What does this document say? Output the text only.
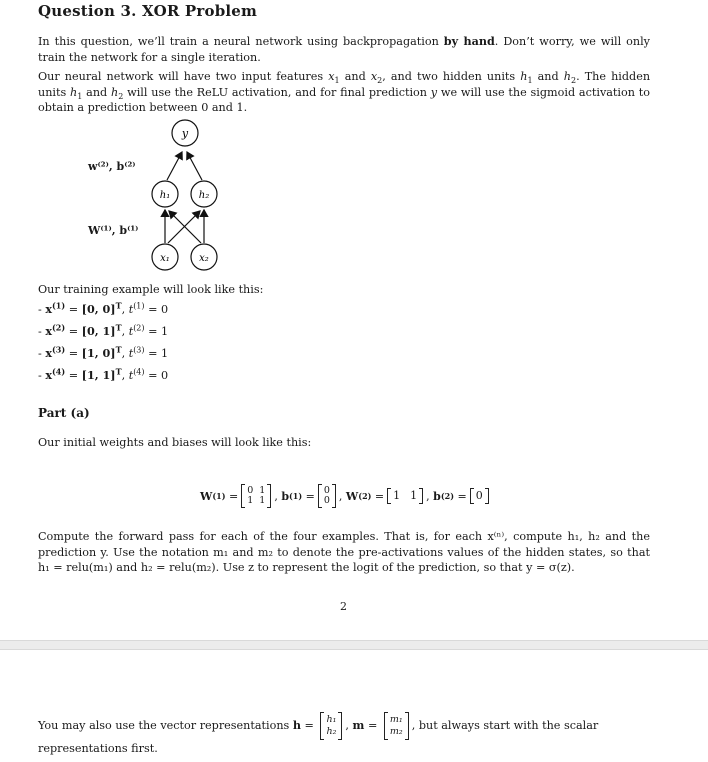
Question 3. XOR Problem

In this question, we’ll train a neural network using backpropagation by hand. Don’t worry, we will only train the network for a single iteration.

Our neural network will have two input features $x_1$ and $x_2$, and two hidden units $h_1$ and $h_2$. The hidden units $h_1$ and $h_2$ will use the ReLU activation, and for final prediction y we will use the sigmoid activation to obtain a prediction between 0 and 1.

y
h₁	h₂
x₁	x₂
w⁽²⁾, b⁽²⁾
W⁽¹⁾, b⁽¹⁾

Our training example will look like this:

- $x^{(1)} = [0$, 0]$^T$, $t^{(1)} = 0$
- $x^{(2)} = [0$, 1]$^T$, $t^{(2)} = 1$
- $x^{(3)} = [1$, 0]$^T$, $t^{(3)} = 1$
- $x^{(4)} = [1$, 1]$^T$, $t^{(4)} = 0$
Part (a)

Our initial weights and biases will look like this:

W (1)
= 0 1
1 1 ,
b (1)
= 0
0 ,
W (2)
= 1 1 ,
b (2)
= 0

Compute the forward pass for each of the four examples. That is, for each x⁽ⁿ⁾, compute h₁, h₂ and the prediction y. Use the notation m₁ and m₂ to denote the pre-activations values of the hidden states, so that h₁ = relu(m₁) and h₂ = relu(m₂). Use z to represent the logit of the prediction, so that y = σ(z).

2
You may also use the vector representations h = h₁
h₂ , m = m₁
m₂ , but always start with the scalar representations first.
